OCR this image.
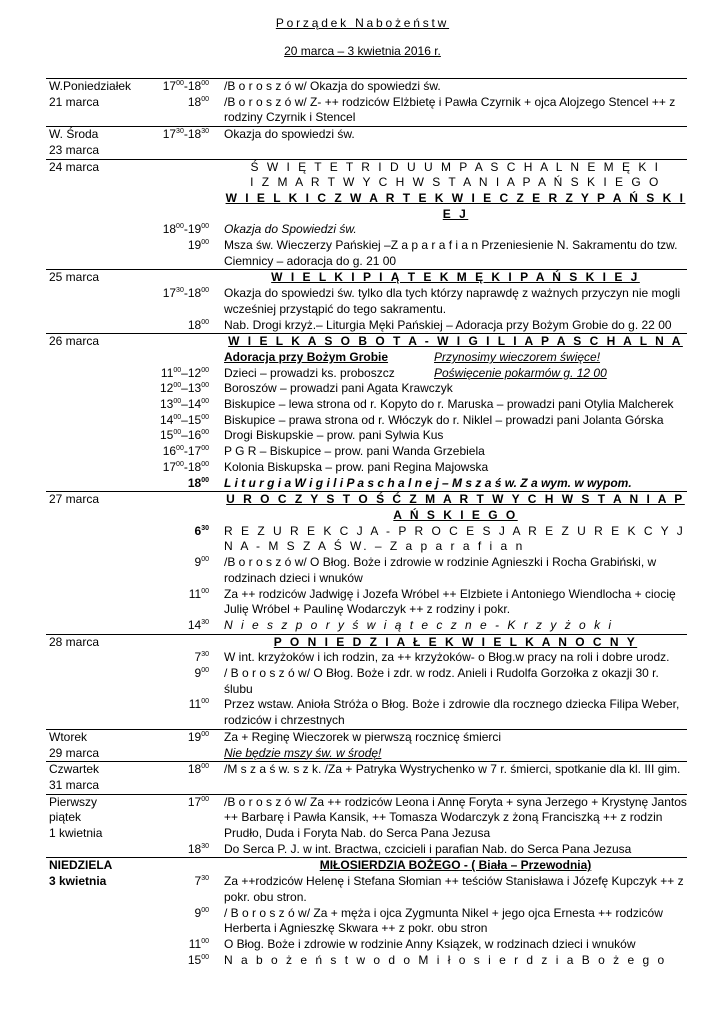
Porządek Nabożeństw
20 marca – 3 kwietnia 2016 r.
W.Poniedziałek	$17^{00}-18^{00}$	/B o r o s z ó w/ Okazja do spowiedzi św.
21 marca	$18^{00}$	/B o r o s z ó w/ Z- ++ rodziców Elżbietę i Pawła Czyrnik + ojca Alojzego Stencel ++ z rodziny Czyrnik i Stencel
W. Środa	$17^{30}-18^{30}$	Okazja do spowiedzi św.
23 marca		
24 marca		Ś W I Ę T E T R I D U U M P A S C H A L N E M Ę K I
		I Z M A R T W Y C H W S T A N I A P A Ń S K I E G O
		W I E L K I C Z W A R T E K W I E C Z E R Z Y P A Ń S K I E J
	$18^{00}-19^{00}$	Okazja do Spowiedzi św.
	$19^{00}$	Msza św. Wieczerzy Pańskiej –Z a p a r a f i a n Przeniesienie N. Sakramentu do tzw. Ciemnicy – adoracja do g. 21 00
25 marca		W I E L K I P I Ą T E K M Ę K I P A Ń S K I E J
	$17^{30}-18^{00}$	Okazja do spowiedzi św. tylko dla tych którzy naprawdę z ważnych przyczyn nie mogli wcześniej przystąpić do tego sakramentu.
	$18^{00}$	Nab. Drogi krzyż.– Liturgia Męki Pańskiej – Adoracja przy Bożym Grobie do g. 22 00
26 marca		W I E L K A S O B O T A - W I G I L I A P A S C H A L N A

		Adoracja przy Bożym Grobie Przynosimy wieczorem święce!

	$11^{00}-12^{00}$	Dzieci – prowadzi ks. proboszcz Poświęcenie pokarmów g. 12 00

	$12^{00}-13^{00}$	Boroszów – prowadzi pani Agata Krawczyk
	$13^{00}-14^{00}$	Biskupice – lewa strona od r. Kopyto do r. Maruska – prowadzi pani Otylia Malcherek
	$14^{00}-15^{00}$	Biskupice – prawa strona od r. Włóczyk do r. Niklel – prowadzi pani Jolanta Górska
	$15^{00}-16^{00}$	Drogi Biskupskie – prow. pani Sylwia Kus
	$16^{00}-17^{00}$	P G R – Biskupice – prow. pani Wanda Grzebiela
	$17^{00}-18^{00}$	Kolonia Biskupska – prow. pani Regina Majowska
	$18^{00}$	L i t u r g i a W i g i l i P a s c h a l n e j – M s z a ś w. Z a wym. w wypom.
27 marca		U R O C Z Y S T O Ś Ć Z M A R T W Y C H W S T A N I A P A Ń S K I E G O
	$6^{30}$	R E Z U R E K C J A - P R O C E S J A R E Z U R E K C Y J N A - M S Z A Ś W. – Z a p a r a f i a n
	$9^{00}$	/B o r o s z ó w/ O Błog. Boże i zdrowie w rodzinie Agnieszki i Rocha Grabiński, w rodzinach dzieci i wnuków
	$11^{00}$	Za ++ rodziców Jadwigę i Jozefa Wróbel ++ Elzbiete i Antoniego Wiendlocha + ciocię Julię Wróbel + Paulinę Wodarczyk ++ z rodziny i pokr.
	$14^{30}$	N i e s z p o r y ś w i ą t e c z n e - K r z y ż o k i
28 marca		P O N I E D Z I A Ł E K W I E L K A N O C N Y
	$7^{30}$	W int. krzyżoków i ich rodzin, za ++ krzyżoków- o Błog.w pracy na roli i dobre urodz.
	$9^{00}$	/ B o r o s z ó w/ O Błog. Boże i zdr. w rodz. Anieli i Rudolfa Gorzołka z okazji 30 r. ślubu
	$11^{00}$	Przez wstaw. Anioła Stróża o Błog. Boże i zdrowie dla rocznego dziecka Filipa Weber, rodziców i chrzestnych
Wtorek	$19^{00}$	Za + Reginę Wieczorek w pierwszą rocznicę śmierci
29 marca		Nie będzie mszy św. w środę!
Czwartek	$18^{00}$	/M s z a ś w. s z k. /Za + Patryka Wystrychenko w 7 r. śmierci, spotkanie dla kl. III gim.
31 marca		
Pierwszy	$17^{00}$	/B o r o s z ó w/ Za ++ rodziców Leona i Annę Foryta + syna Jerzego + Krystynę Jantos
piątek		++ Barbarę i Pawła Kansik, ++ Tomasza Wodarczyk z żoną Franciszką ++ z rodzin
1 kwietnia		Prudło, Duda i Foryta Nab. do Serca Pana Jezusa
	$18^{30}$	Do Serca P. J. w int. Bractwa, czcicieli i parafian Nab. do Serca Pana Jezusa
NIEDZIELA		MIŁOSIERDZIA BOŻEGO - ( Biała – Przewodnia)
3 kwietnia	$7^{30}$	Za ++rodziców Helenę i Stefana Słomian ++ teściów Stanisława i Józefę Kupczyk ++ z pokr. obu stron.
	$9^{00}$	/ B o r o s z ó w/ Za + męża i ojca Zygmunta Nikel + jego ojca Ernesta ++ rodziców Herberta i Agnieszkę Skwara ++ z pokr. obu stron
	$11^{00}$	O Błog. Boże i zdrowie w rodzinie Anny Ksiązek, w rodzinach dzieci i wnuków
	$15^{00}$	N a b o ż e ń s t w o d o M i ł o s i e r d z i a B o ż e g o
